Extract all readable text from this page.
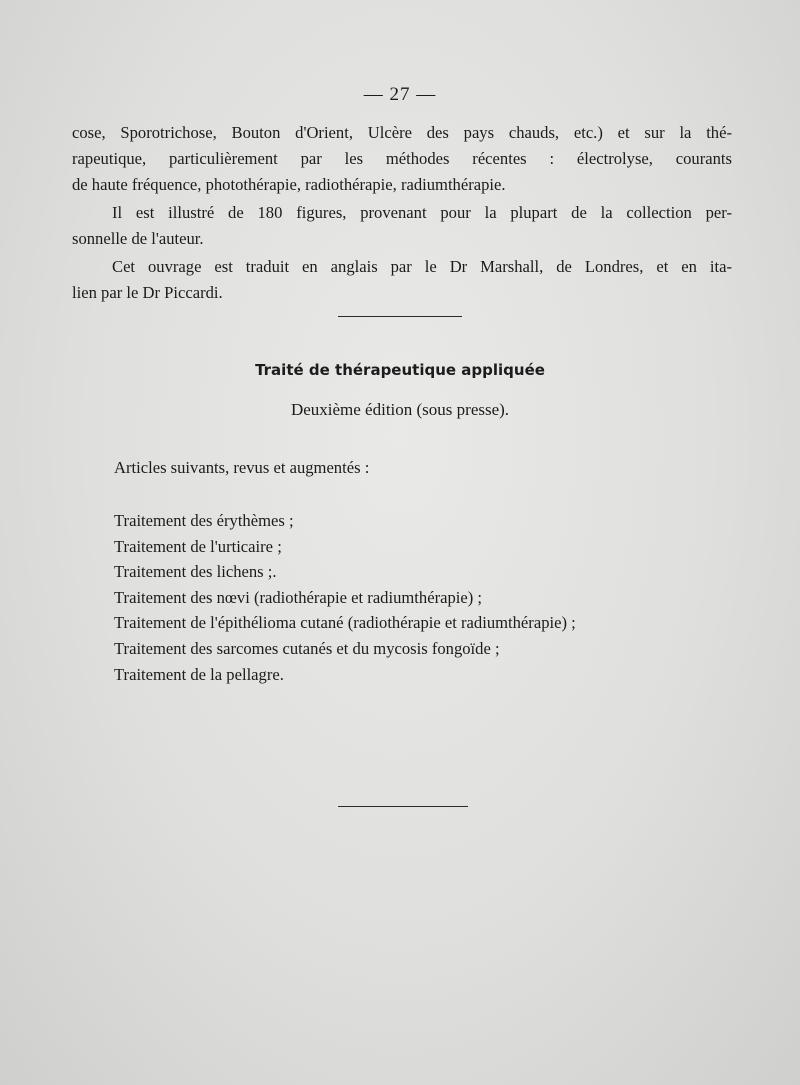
— 27 —
cose, Sporotrichose, Bouton d'Orient, Ulcère des pays chauds, etc.) et sur la thé-
rapeutique, particulièrement par les méthodes récentes : électrolyse, courants
de haute fréquence, photothérapie, radiothérapie, radiumthérapie.
Il est illustré de 180 figures, provenant pour la plupart de la collection per-
sonnelle de l'auteur.
Cet ouvrage est traduit en anglais par le Dr Marshall, de Londres, et en ita-
lien par le Dr Piccardi.
Traité de thérapeutique appliquée
Deuxième édition (sous presse).
Articles suivants, revus et augmentés :
Traitement des érythèmes ;
Traitement de l'urticaire ;
Traitement des lichens ;.
Traitement des nœvi (radiothérapie et radiumthérapie) ;
Traitement de l'épithélioma cutané (radiothérapie et radiumthérapie) ;
Traitement des sarcomes cutanés et du mycosis fongoïde ;
Traitement de la pellagre.
